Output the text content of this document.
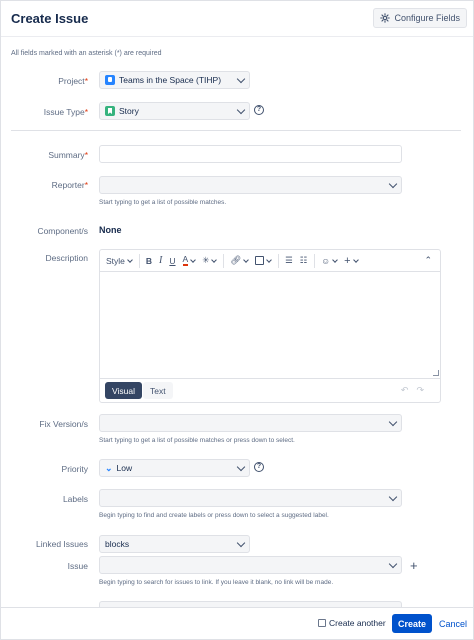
Create Issue	Configure Fields
All fields marked with an asterisk (*) are required
Project*	Teams in the Space (TIHP)
Issue Type*	Story	?
Summary*
Reporter*
Start typing to get a list of possible matches.
Component/s None
Description Style B I U A ✳ 🔗︎	☰ ☷ ☺ +	⌃
Visual	Text	↶↷
Fix Version/s
Start typing to get a list of possible matches or press down to select.
Priority ⌄ Low	?
Labels
Begin typing to find and create labels or press down to select a suggested label.
Linked Issues blocks
Issue	+
Begin typing to search for issues to link. If you leave it blank, no link will be made.
Create another	Create	Cancel
